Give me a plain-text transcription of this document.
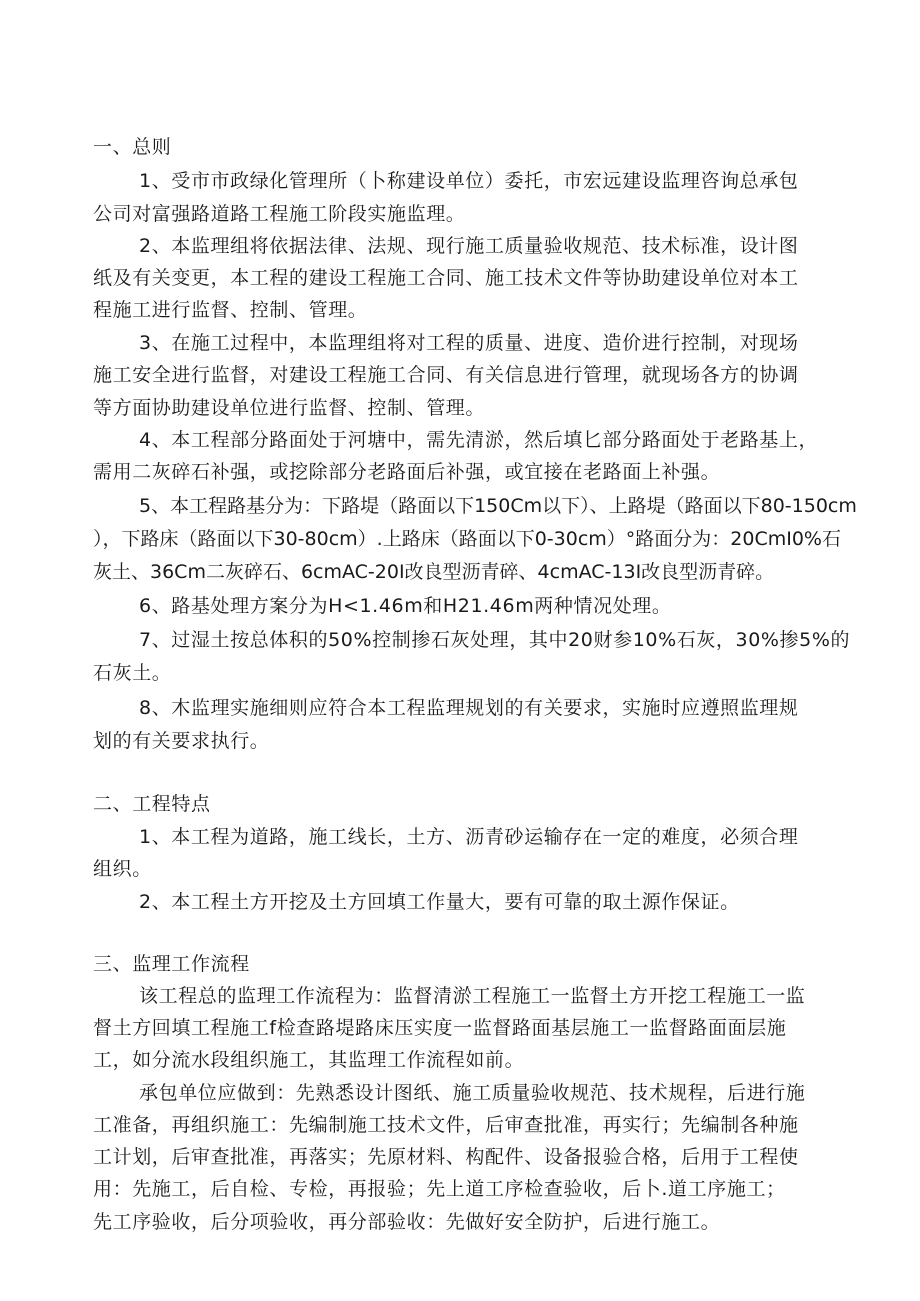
一、总则
1、受市市政绿化管理所（卜称建设单位）委托，市宏远建设监理咨询总承包
公司对富强路道路工程施工阶段实施监理。
2、本监理组将依据法律、法规、现行施工质量验收规范、技术标准，设计图
纸及有关变更，本工程的建设工程施工合同、施工技术文件等协助建设单位对本工
程施工进行监督、控制、管理。
3、在施工过程中，本监理组将对工程的质量、进度、造价进行控制，对现场
施工安全进行监督，对建设工程施工合同、有关信息进行管理，就现场各方的协调
等方面协助建设单位进行监督、控制、管理。
4、本工程部分路面处于河塘中，需先清淤，然后填匕部分路面处于老路基上，
需用二灰碎石补强，或挖除部分老路面后补强，或宜接在老路面上补强。
5、本工程路基分为：下路堤（路面以下150Cm以下）、上路堤（路面以下80-150cm
），下路床（路面以下30-80cm）.上路床（路面以下0-30cm）°路面分为：20CmI0%石
灰土、36Cm二灰碎石、6cmAC-20I改良型沥青碎、4cmAC-13I改良型沥青碎。
6、路基处理方案分为H<1.46m和H21.46m两种情况处理。
7、过湿土按总体积的50%控制掺石灰处理，其中20财参10%石灰，30%掺5%的
石灰土。
8、木监理实施细则应符合本工程监理规划的有关要求，实施时应遵照监理规
划的有关要求执行。
二、工程特点
1、本工程为道路，施工线长，土方、沥青砂运输存在一定的难度，必须合理
组织。
2、本工程土方开挖及土方回填工作量大，要有可靠的取土源作保证。
三、监理工作流程
该工程总的监理工作流程为：监督清淤工程施工一监督土方开挖工程施工一监
督土方回填工程施工f检查路堤路床压实度一监督路面基层施工一监督路面面层施
工，如分流水段组织施工，其监理工作流程如前。
承包单位应做到：先熟悉设计图纸、施工质量验收规范、技术规程，后进行施
工准备，再组织施工：先编制施工技术文件，后审查批准，再实行；先编制各种施
工计划，后审查批准，再落实；先原材料、构配件、设备报验合格，后用于工程使
用：先施工，后自检、专检，再报验；先上道工序检查验收，后卜.道工序施工；
先工序验收，后分项验收，再分部验收：先做好安全防护，后进行施工。
